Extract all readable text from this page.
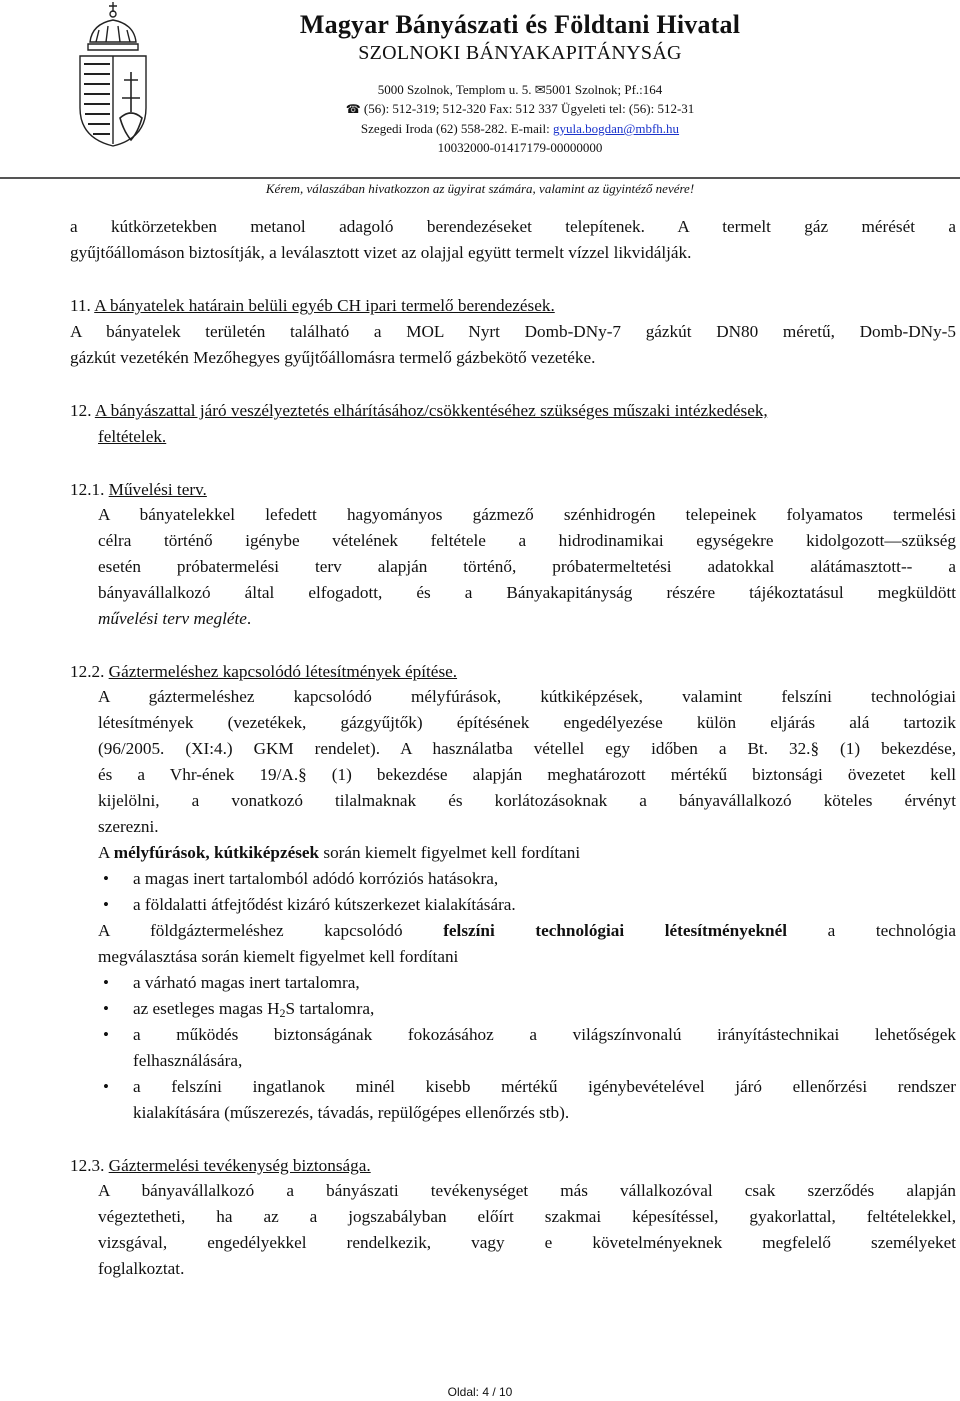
Magyar Bányászati és Földtani Hivatal
SZOLNOKI BÁNYAKAPITÁNYSÁG
5000 Szolnok, Templom u. 5. ✉5001 Szolnok; Pf.:164
☎ (56): 512-319; 512-320 Fax: 512 337 Ügyeleti tel: (56): 512-31
Szegedi Iroda (62) 558-282. E-mail: gyula.bogdan@mbfh.hu
10032000-01417179-00000000
Kérem, válaszában hivatkozzon az ügyirat számára, valamint az ügyintéző nevére!
a kútkörzetekben metanol adagoló berendezéseket telepítenek. A termelt gáz mérését a
gyűjtőállomáson biztosítják, a leválasztott vizet az olajjal együtt termelt vízzel likvidálják.
11. A bányatelek határain belüli egyéb CH ipari termelő berendezések.
A bányatelek területén található a MOL Nyrt Domb-DNy-7 gázkút DN80 méretű, Domb-DNy-5
gázkút vezetékén Mezőhegyes gyűjtőállomásra termelő gázbekötő vezetéke.
12. A bányászattal járó veszélyeztetés elhárításához/csökkentéséhez szükséges műszaki intézkedések,
feltételek.
12.1. Művelési terv.
A bányatelekkel lefedett hagyományos gázmező szénhidrogén telepeinek folyamatos termelési
célra történő igénybe vételének feltétele a hidrodinamikai egységekre kidolgozott—szükség
esetén próbatermelési terv alapján történő, próbatermeltetési adatokkal alátámasztott-- a
bányavállalkozó által elfogadott, és a Bányakapitányság részére tájékoztatásul megküldött
művelési terv megléte.
12.2. Gáztermeléshez kapcsolódó létesítmények építése.
A gáztermeléshez kapcsolódó mélyfúrások, kútkiképzések, valamint felszíni technológiai
létesítmények (vezetékek, gázgyűjtők) építésének engedélyezése külön eljárás alá tartozik
(96/2005. (XI:4.) GKM rendelet). A használatba vétellel egy időben a Bt. 32.§ (1) bekezdése,
és a Vhr-ének 19/A.§ (1) bekezdése alapján meghatározott mértékű biztonsági övezetet kell
kijelölni, a vonatkozó tilalmaknak és korlátozásoknak a bányavállalkozó köteles érvényt
szerezni.
A mélyfúrások, kútkiképzések során kiemelt figyelmet kell fordítani
• a magas inert tartalomból adódó korróziós hatásokra,
• a földalatti átfejtődést kizáró kútszerkezet kialakítására.
A földgáztermeléshez kapcsolódó felszíni technológiai létesítményeknél a technológia
megválasztása során kiemelt figyelmet kell fordítani
• a várható magas inert tartalomra,
• az esetleges magas $H_2S$ tartalomra,
• a működés biztonságának fokozásához a világszínvonalú irányítástechnikai lehetőségek
felhasználására,
• a felszíni ingatlanok minél kisebb mértékű igénybevételével járó ellenőrzési rendszer
kialakítására (műszerezés, távadás, repülőgépes ellenőrzés stb).
12.3. Gáztermelési tevékenység biztonsága.
A bányavállalkozó a bányászati tevékenységet más vállalkozóval csak szerződés alapján
végeztetheti, ha az a jogszabályban előírt szakmai képesítéssel, gyakorlattal, feltételekkel,
vizsgával, engedélyekkel rendelkezik, vagy e követelményeknek megfelelő személyeket
foglalkoztat.
Oldal: 4 / 10
